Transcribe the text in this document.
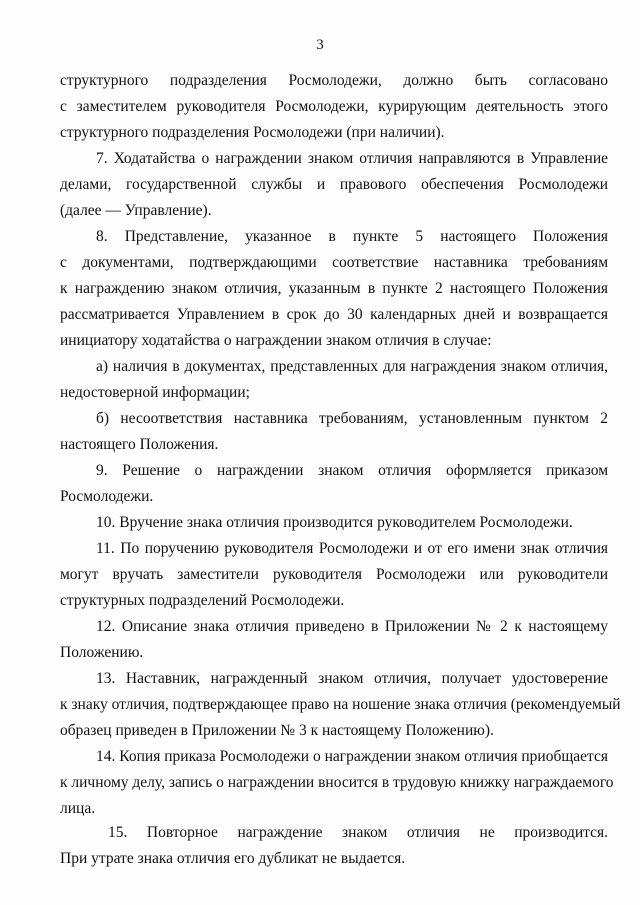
3
структурного подразделения Росмолодежи, должно быть согласовано
с заместителем руководителя Росмолодежи, курирующим деятельность этого
структурного подразделения Росмолодежи (при наличии).
7. Ходатайства о награждении знаком отличия направляются в Управление
делами, государственной службы и правового обеспечения Росмолодежи
(далее — Управление).
8. Представление, указанное в пункте 5 настоящего Положения
с документами, подтверждающими соответствие наставника требованиям
к награждению знаком отличия, указанным в пункте 2 настоящего Положения
рассматривается Управлением в срок до 30 календарных дней и возвращается
инициатору ходатайства о награждении знаком отличия в случае:
а) наличия в документах, представленных для награждения знаком отличия,
недостоверной информации;
б) несоответствия наставника требованиям, установленным пунктом 2
настоящего Положения.
9. Решение о награждении знаком отличия оформляется приказом
Росмолодежи.
10. Вручение знака отличия производится руководителем Росмолодежи.
11. По поручению руководителя Росмолодежи и от его имени знак отличия
могут вручать заместители руководителя Росмолодежи или руководители
структурных подразделений Росмолодежи.
12. Описание знака отличия приведено в Приложении № 2 к настоящему
Положению.
13. Наставник, награжденный знаком отличия, получает удостоверение
к знаку отличия, подтверждающее право на ношение знака отличия (рекомендуемый
образец приведен в Приложении № 3 к настоящему Положению).
14. Копия приказа Росмолодежи о награждении знаком отличия приобщается
к личному делу, запись о награждении вносится в трудовую книжку награждаемого
лица.
15. Повторное награждение знаком отличия не производится.
При утрате знака отличия его дубликат не выдается.
